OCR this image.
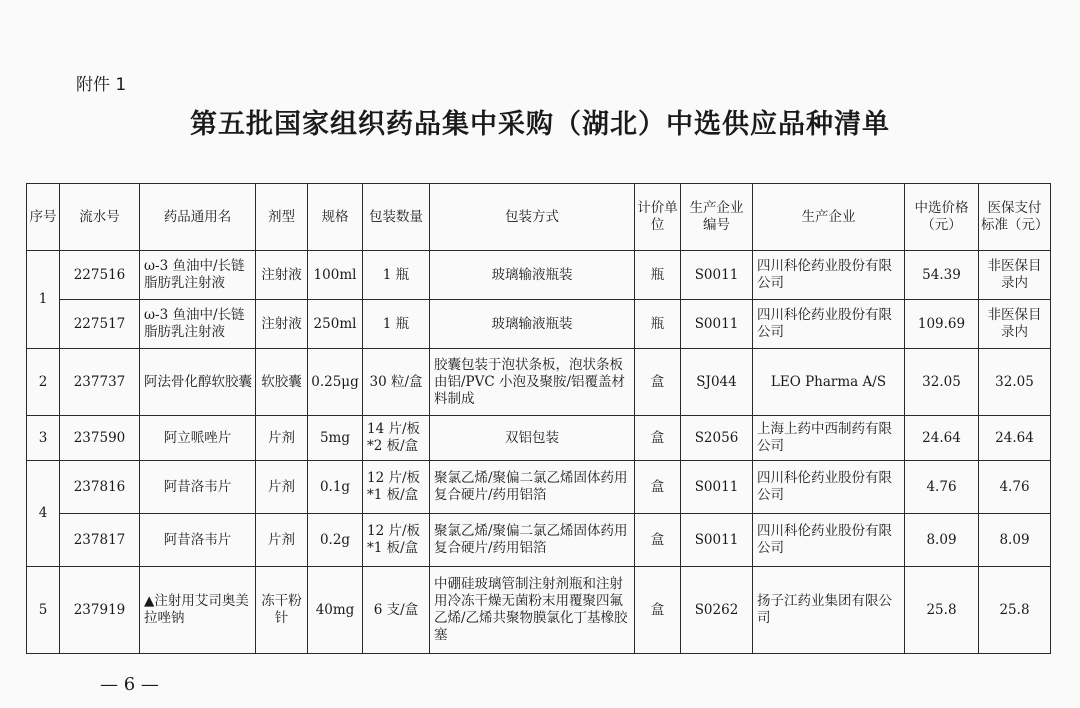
附件 1
第五批国家组织药品集中采购（湖北）中选供应品种清单
序号	流水号	药品通用名	剂型	规格	包装数量	包装方式	计价单位	生产企业编号	生产企业	中选价格（元）	医保支付标准（元）
1	227516	ω-3 鱼油中/长链脂肪乳注射液	注射液	100ml	1 瓶	玻璃输液瓶装	瓶	S0011	四川科伦药业股份有限公司	54.39	非医保目录内
	227517	ω-3 鱼油中/长链脂肪乳注射液	注射液	250ml	1 瓶	玻璃输液瓶装	瓶	S0011	四川科伦药业股份有限公司	109.69	非医保目录内
2	237737	阿法骨化醇软胶囊	软胶囊	0.25μg	30 粒/盒	胶囊包装于泡状条板，泡状条板由铝/PVC 小泡及聚胺/铝覆盖材料制成	盒	SJ044	LEO Pharma A/S	32.05	32.05
3	237590	阿立哌唑片	片剂	5mg	14 片/板*2 板/盒	双铝包装	盒	S2056	上海上药中西制药有限公司	24.64	24.64
4	237816	阿昔洛韦片	片剂	0.1g	12 片/板*1 板/盒	聚氯乙烯/聚偏二氯乙烯固体药用复合硬片/药用铝箔	盒	S0011	四川科伦药业股份有限公司	4.76	4.76
	237817	阿昔洛韦片	片剂	0.2g	12 片/板*1 板/盒	聚氯乙烯/聚偏二氯乙烯固体药用复合硬片/药用铝箔	盒	S0011	四川科伦药业股份有限公司	8.09	8.09
5	237919	▲注射用艾司奥美拉唑钠	冻干粉针	40mg	6 支/盒	中硼硅玻璃管制注射剂瓶和注射用冷冻干燥无菌粉末用覆聚四氟乙烯/乙烯共聚物膜氯化丁基橡胶塞	盒	S0262	扬子江药业集团有限公司	25.8	25.8
— 6 —
